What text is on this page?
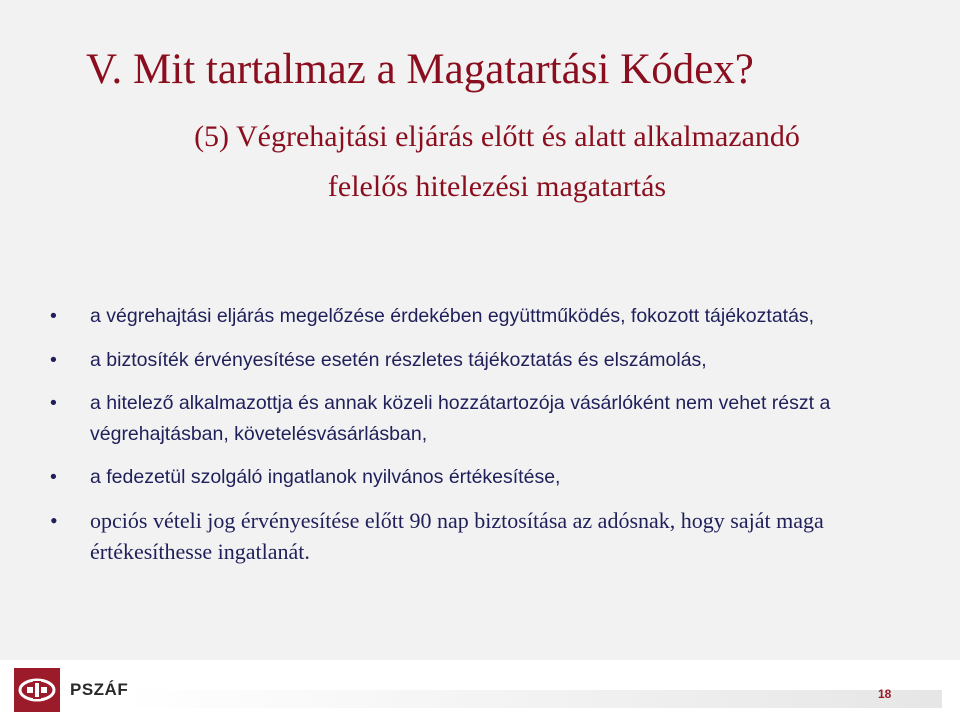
V. Mit tartalmaz a Magatartási Kódex?
(5) Végrehajtási eljárás előtt és alatt alkalmazandó
felelős hitelezési magatartás
• a végrehajtási eljárás megelőzése érdekében együttműködés, fokozott tájékoztatás,
• a biztosíték érvényesítése esetén részletes tájékoztatás és elszámolás,
• a hitelező alkalmazottja és annak közeli hozzátartozója vásárlóként nem vehet részt a végrehajtásban, követelésvásárlásban,
• a fedezetül szolgáló ingatlanok nyilvános értékesítése,
• opciós vételi jog érvényesítése előtt 90 nap biztosítása az adósnak, hogy saját maga értékesíthesse ingatlanát.
PSZÁF	18
